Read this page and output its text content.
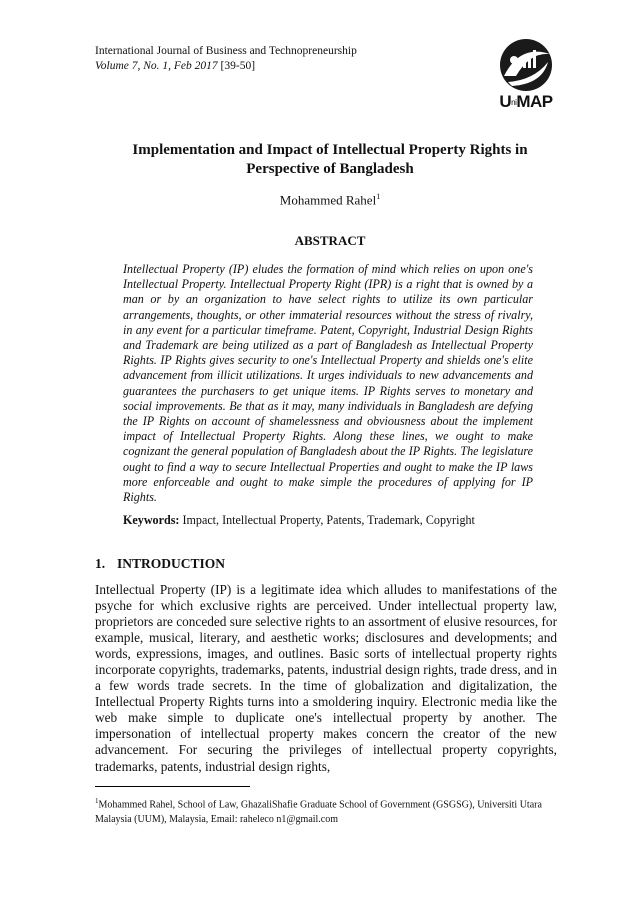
International Journal of Business and Technopreneurship
Volume 7, No. 1, Feb 2017 [39-50]
UniMAP
Implementation and Impact of Intellectual Property Rights in
Perspective of Bangladesh
Mohammed Rahel$^1$
ABSTRACT

Intellectual Property (IP) eludes the formation of mind which relies on upon one's Intellectual Property. Intellectual Property Right (IPR) is a right that is owned by a man or by an organization to have select rights to utilize its own particular arrangements, thoughts, or other immaterial resources without the stress of rivalry, in any event for a particular timeframe. Patent, Copyright, Industrial Design Rights and Trademark are being utilized as a part of Bangladesh as Intellectual Property Rights. IP Rights gives security to one's Intellectual Property and shields one's elite advancement from illicit utilizations. It urges individuals to new advancements and guarantees the purchasers to get unique items. IP Rights serves to monetary and social improvements. Be that as it may, many individuals in Bangladesh are defying the IP Rights on account of shamelessness and obviousness about the implement impact of Intellectual Property Rights. Along these lines, we ought to make cognizant the general population of Bangladesh about the IP Rights. The legislature ought to find a way to secure Intellectual Properties and ought to make the IP laws more enforceable and ought to make simple the procedures of applying for IP Rights.

Keywords: Impact, Intellectual Property, Patents, Trademark, Copyright
1. INTRODUCTION

Intellectual Property (IP) is a legitimate idea which alludes to manifestations of the psyche for which exclusive rights are perceived. Under intellectual property law, proprietors are conceded sure selective rights to an assortment of elusive resources, for example, musical, literary, and aesthetic works; disclosures and developments; and words, expressions, images, and outlines. Basic sorts of intellectual property rights incorporate copyrights, trademarks, patents, industrial design rights, trade dress, and in a few words trade secrets. In the time of globalization and digitalization, the Intellectual Property Rights turns into a smoldering inquiry. Electronic media like the web make simple to duplicate one's intellectual property by another. The impersonation of intellectual property makes concern the creator of the new advancement. For securing the privileges of intellectual property copyrights, trademarks, patents, industrial design rights,

$^1$Mohammed Rahel, School of Law, GhazaliShafie Graduate School of Government (GSGSG), Universiti Utara Malaysia (UUM), Malaysia, Email: raheleco n1@gmail.com
